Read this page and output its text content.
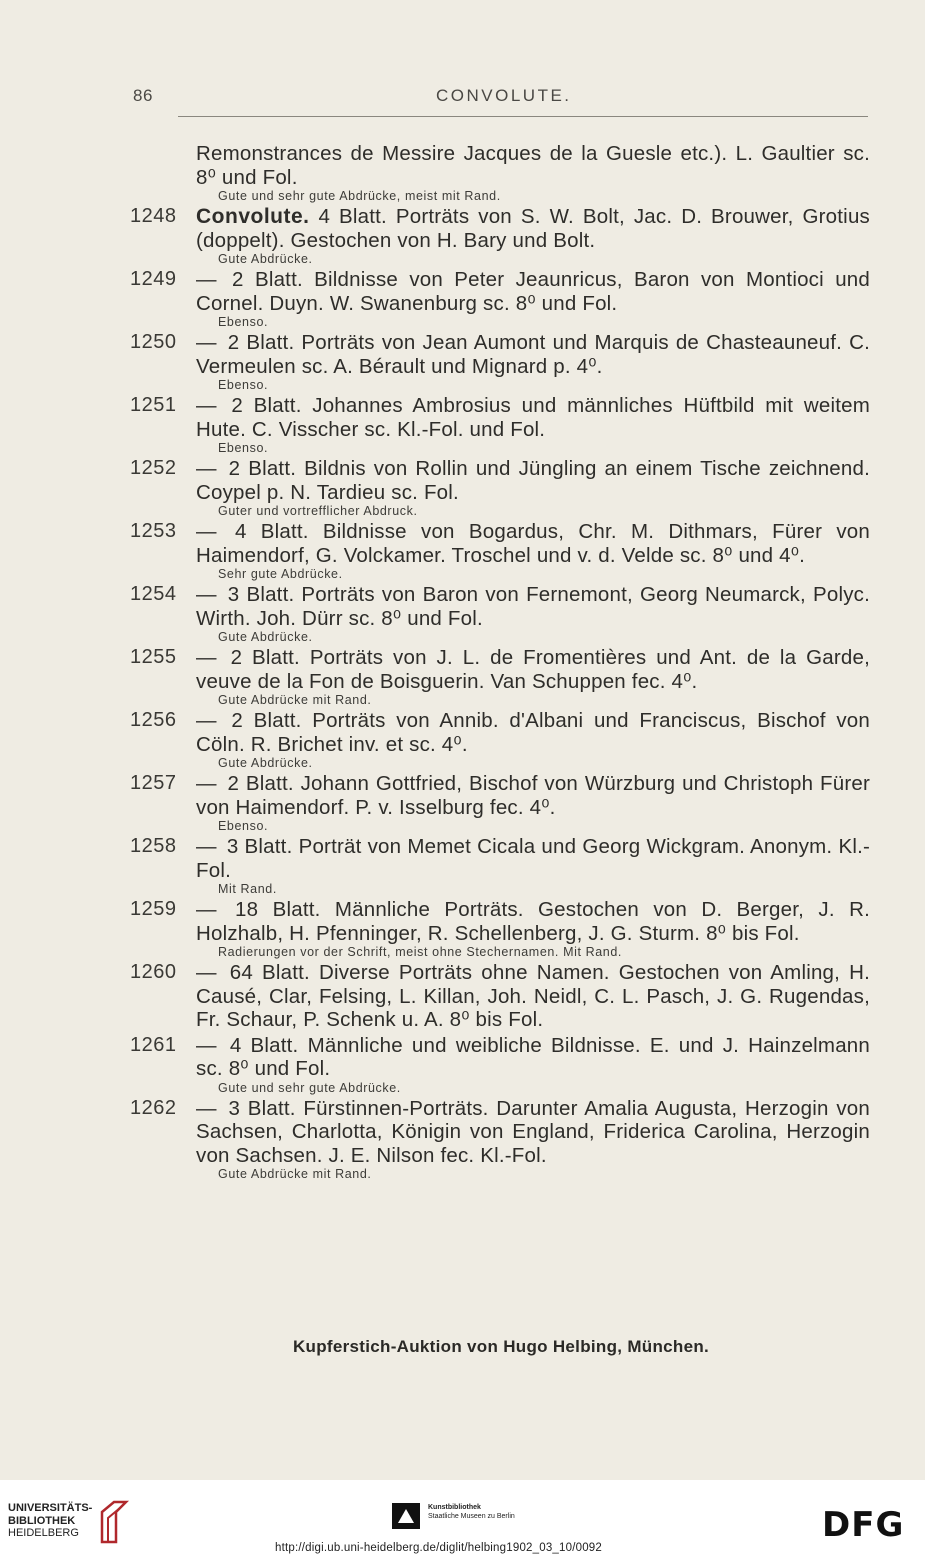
86	CONVOLUTE.
Remonstrances de Messire Jacques de la Guesle etc.). L. Gaultier sc. 8⁰ und Fol.
Gute und sehr gute Abdrücke, meist mit Rand.
1248 Convolute. 4 Blatt. Porträts von S. W. Bolt, Jac. D. Brouwer, Grotius (doppelt). Gestochen von H. Bary und Bolt.
Gute Abdrücke.
1249 — 2 Blatt. Bildnisse von Peter Jeaunricus, Baron von Montioci und Cornel. Duyn. W. Swanenburg sc. 8⁰ und Fol.
Ebenso.
1250 — 2 Blatt. Porträts von Jean Aumont und Marquis de Chasteauneuf. C. Vermeulen sc. A. Bérault und Mignard p. 4⁰.
Ebenso.
1251 — 2 Blatt. Johannes Ambrosius und männliches Hüftbild mit weitem Hute. C. Visscher sc. Kl.-Fol. und Fol.
Ebenso.
1252 — 2 Blatt. Bildnis von Rollin und Jüngling an einem Tische zeichnend. Coypel p. N. Tardieu sc. Fol.
Guter und vortrefflicher Abdruck.
1253 — 4 Blatt. Bildnisse von Bogardus, Chr. M. Dithmars, Fürer von Haimendorf, G. Volckamer. Troschel und v. d. Velde sc. 8⁰ und 4⁰.
Sehr gute Abdrücke.
1254 — 3 Blatt. Porträts von Baron von Fernemont, Georg Neumarck, Polyc. Wirth. Joh. Dürr sc. 8⁰ und Fol.
Gute Abdrücke.
1255 — 2 Blatt. Porträts von J. L. de Fromentières und Ant. de la Garde, veuve de la Fon de Boisguerin. Van Schuppen fec. 4⁰.
Gute Abdrücke mit Rand.
1256 — 2 Blatt. Porträts von Annib. d'Albani und Franciscus, Bischof von Cöln. R. Brichet inv. et sc. 4⁰.
Gute Abdrücke.
1257 — 2 Blatt. Johann Gottfried, Bischof von Würzburg und Christoph Fürer von Haimendorf. P. v. Isselburg fec. 4⁰.
Ebenso.
1258 — 3 Blatt. Porträt von Memet Cicala und Georg Wickgram. Anonym. Kl.-Fol.
Mit Rand.
1259 — 18 Blatt. Männliche Porträts. Gestochen von D. Berger, J. R. Holzhalb, H. Pfenninger, R. Schellenberg, J. G. Sturm. 8⁰ bis Fol.
Radierungen vor der Schrift, meist ohne Stechernamen. Mit Rand.
1260 — 64 Blatt. Diverse Porträts ohne Namen. Gestochen von Amling, H. Causé, Clar, Felsing, L. Killan, Joh. Neidl, C. L. Pasch, J. G. Rugendas, Fr. Schaur, P. Schenk u. A. 8⁰ bis Fol.
1261 — 4 Blatt. Männliche und weibliche Bildnisse. E. und J. Hainzelmann sc. 8⁰ und Fol.
Gute und sehr gute Abdrücke.
1262 — 3 Blatt. Fürstinnen-Porträts. Darunter Amalia Augusta, Herzogin von Sachsen, Charlotta, Königin von England, Friderica Carolina, Herzogin von Sachsen. J. E. Nilson fec. Kl.-Fol.
Gute Abdrücke mit Rand.
Kupferstich-Auktion von Hugo Helbing, München.
UNIVERSITÄTS-
BIBLIOTHEK
HEIDELBERG
Kunstbibliothek
Staatliche Museen zu Berlin	DFG
http://digi.ub.uni-heidelberg.de/diglit/helbing1902_03_10/0092
